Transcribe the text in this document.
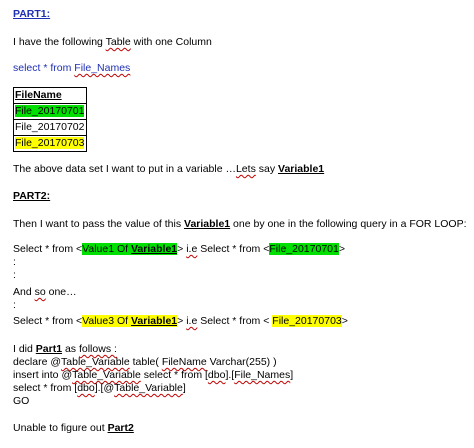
PART1:
I have the following Table with one Column
select * from File_Names
FileName
File_20170701
File_20170702
File_20170703
The above data set I want to put in a variable …Lets say Variable1
PART2:
Then I want to pass the value of this Variable1 one by one in the following query in a FOR LOOP:
Select * from <Value1 Of Variable1> i.e Select * from <File_20170701>
:
:
And so one…
:
Select * from <Value3 Of Variable1> i.e Select * from < File_20170703>
I did Part1 as follows :
declare @Table_Variable table( FileName Varchar(255) )
insert into @Table_Variable select * from [dbo].[File_Names]
select * from [dbo].[@Table_Variable]
GO
Unable to figure out Part2
